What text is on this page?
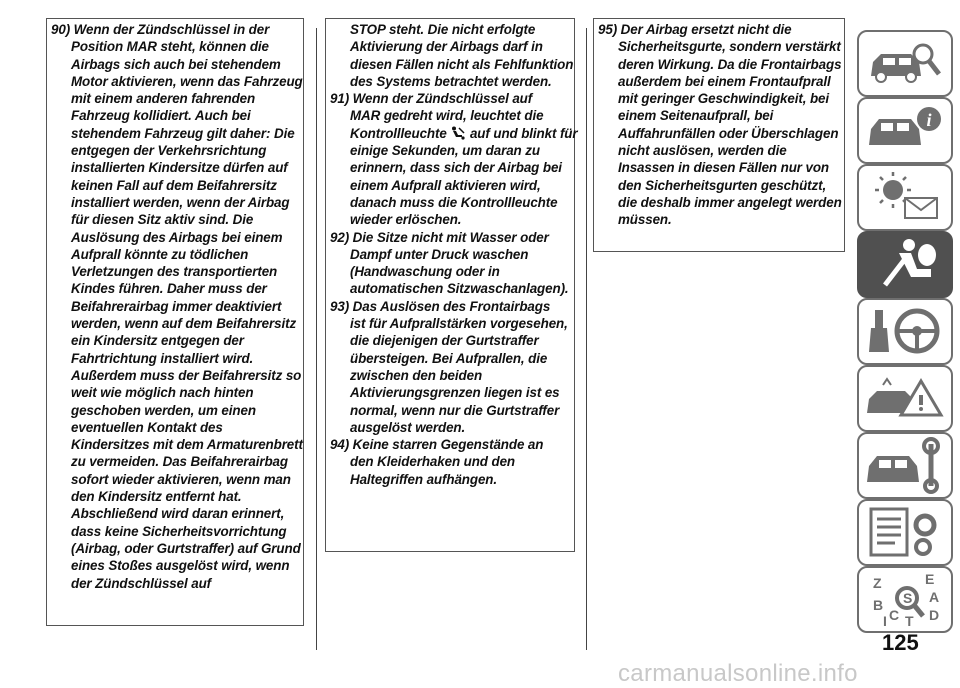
90) Wenn der Zündschlüssel in der
Position MAR steht, können die Airbags sich auch bei stehendem Motor aktivieren, wenn das Fahrzeug mit einem anderen fahrenden Fahrzeug kollidiert. Auch bei stehendem Fahrzeug gilt daher: Die entgegen der Verkehrsrichtung installierten Kindersitze dürfen auf keinen Fall auf dem Beifahrersitz installiert werden, wenn der Airbag für diesen Sitz aktiv sind. Die Auslösung des Airbags bei einem Aufprall könnte zu tödlichen Verletzungen des transportierten Kindes führen. Daher muss der Beifahrerairbag immer deaktiviert werden, wenn auf dem Beifahrersitz ein Kindersitz entgegen der Fahrtrichtung installiert wird. Außerdem muss der Beifahrersitz so weit wie möglich nach hinten geschoben werden, um einen eventuellen Kontakt des Kindersitzes mit dem Armaturenbrett zu vermeiden. Das Beifahrerairbag sofort wieder aktivieren, wenn man den Kindersitz entfernt hat. Abschließend wird daran erinnert, dass keine Sicherheitsvorrichtung (Airbag, oder Gurtstraffer) auf Grund eines Stoßes ausgelöst wird, wenn der Zündschlüssel auf

STOP steht. Die nicht erfolgte Aktivierung der Airbags darf in diesen Fällen nicht als Fehlfunktion des Systems betrachtet werden.

91) Wenn der Zündschlüssel auf
MAR gedreht wird, leuchtet die Kontrollleuchte auf und blinkt für einige Sekunden, um daran zu erinnern, dass sich der Airbag bei einem Aufprall aktivieren wird, danach muss die Kontrollleuchte wieder erlöschen.

92) Die Sitze nicht mit Wasser oder
Dampf unter Druck waschen (Handwaschung oder in automatischen Sitzwaschanlagen).

93) Das Auslösen des Frontairbags
ist für Aufprallstärken vorgesehen, die diejenigen der Gurtstraffer übersteigen. Bei Aufprallen, die zwischen den beiden Aktivierungsgrenzen liegen ist es normal, wenn nur die Gurtstraffer ausgelöst werden.

94) Keine starren Gegenstände an
den Kleiderhaken und den Haltegriffen aufhängen.

95) Der Airbag ersetzt nicht die
Sicherheitsgurte, sondern verstärkt deren Wirkung. Da die Frontairbags außerdem bei einem Frontaufprall mit geringer Geschwindigkeit, bei einem Seitenaufprall, bei Auffahrunfällen oder Überschlagen nicht auslösen, werden die Insassen in diesen Fällen nur von den Sicherheitsgurten geschützt, die deshalb immer angelegt werden müssen.

i
Z	E
S A
B
C D
I T
125
carmanualsonline.info
